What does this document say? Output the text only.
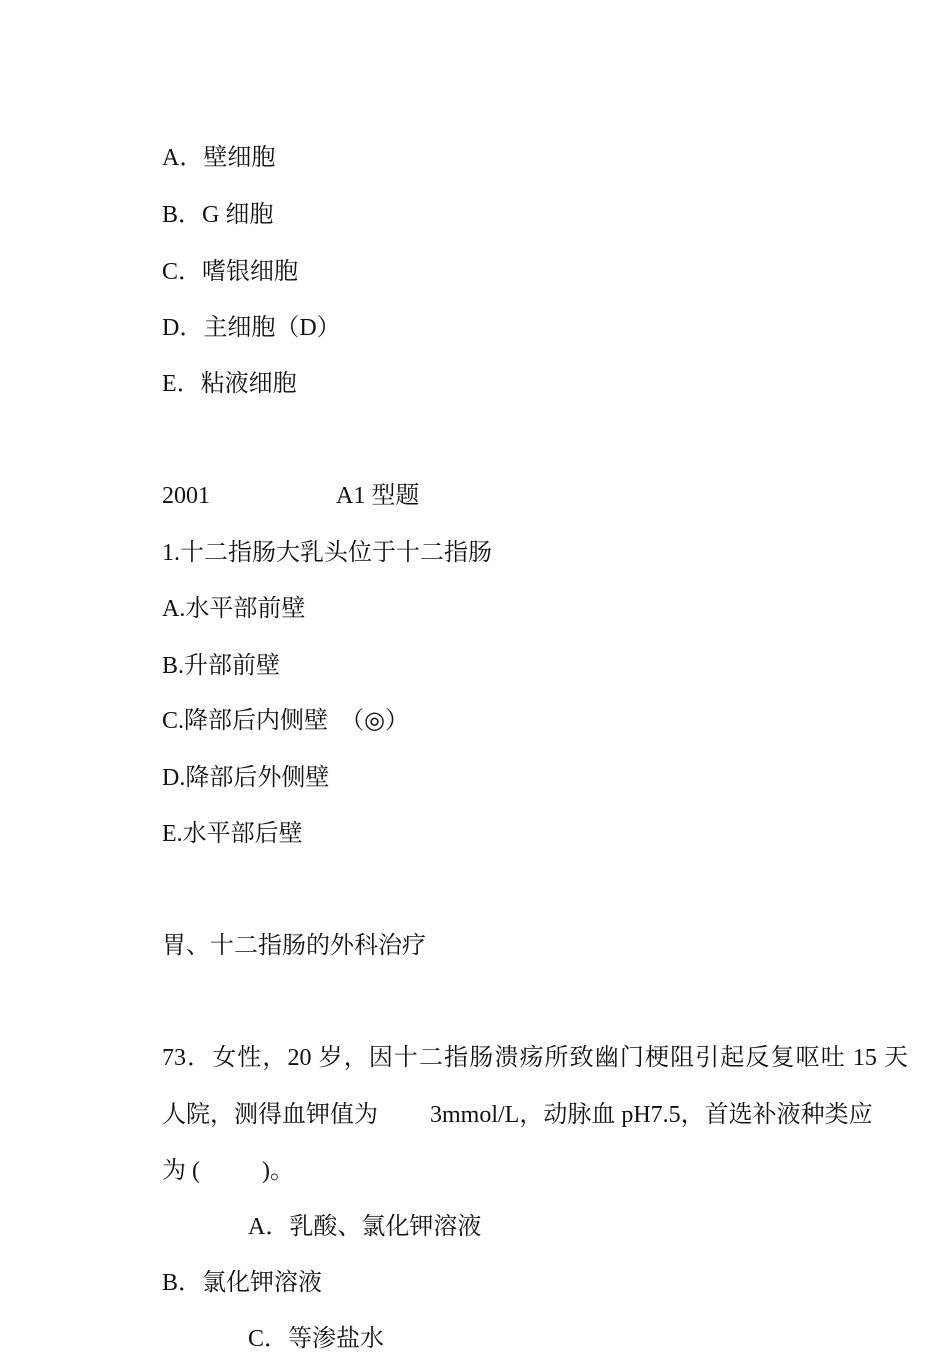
A．壁细胞
B．G 细胞
C．嗜银细胞
D．主细胞（D）
E．粘液细胞
2001	A1 型题
1.十二指肠大乳头位于十二指肠
A.水平部前壁
B.升部前壁
C.降部后内侧壁　（◎）
D.降部后外侧壁
E.水平部后壁
胃、十二指肠的外科治疗
73．女性，20 岁，因十二指肠溃疡所致幽门梗阻引起反复呕吐 15 天
人院，测得血钾值为 3mmol/L，动脉血 pH7.5，首选补液种类应
为 (	)。
A．乳酸、氯化钾溶液
B．氯化钾溶液
C．等渗盐水
